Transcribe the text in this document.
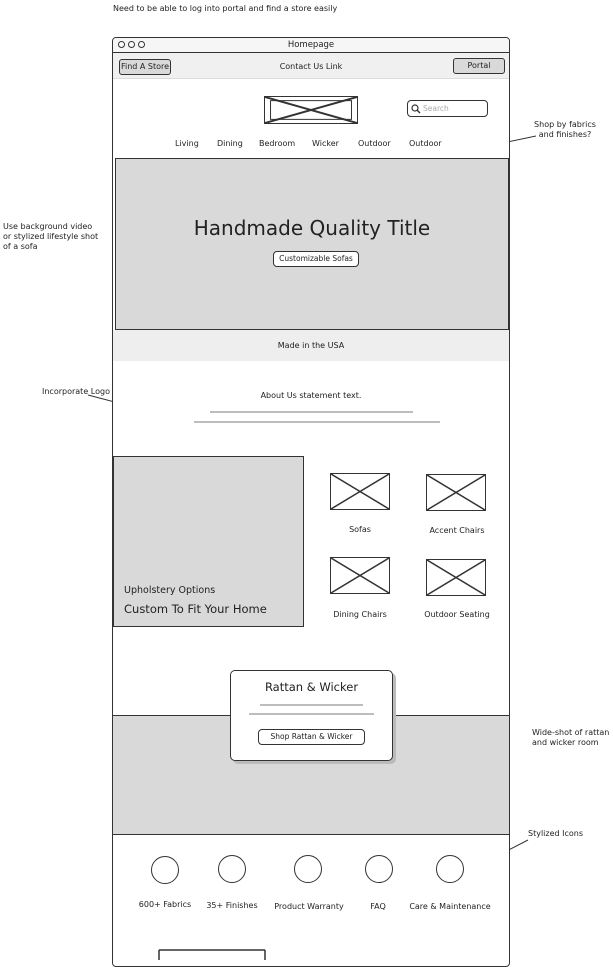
Need to be able to log into portal and find a store easily
Shop by fabrics
and finishes?
Use background video
or stylized lifestyle shot
of a sofa
Incorporate Logo
Wide-shot of rattan
and wicker room
Stylized Icons
Homepage
Find A Store	Contact Us Link	Portal
Search
Living Dining Bedroom Wicker Outdoor Outdoor
Handmade Quality Title
Customizable Sofas
Made in the USA
About Us statement text.
Upholstery Options
Custom To Fit Your Home
Sofas	Accent Chairs
Dining Chairs	Outdoor Seating
Rattan & Wicker
Shop Rattan & Wicker
600+ Fabrics	35+ Finishes	Product Warranty	FAQ	Care & Maintenance
